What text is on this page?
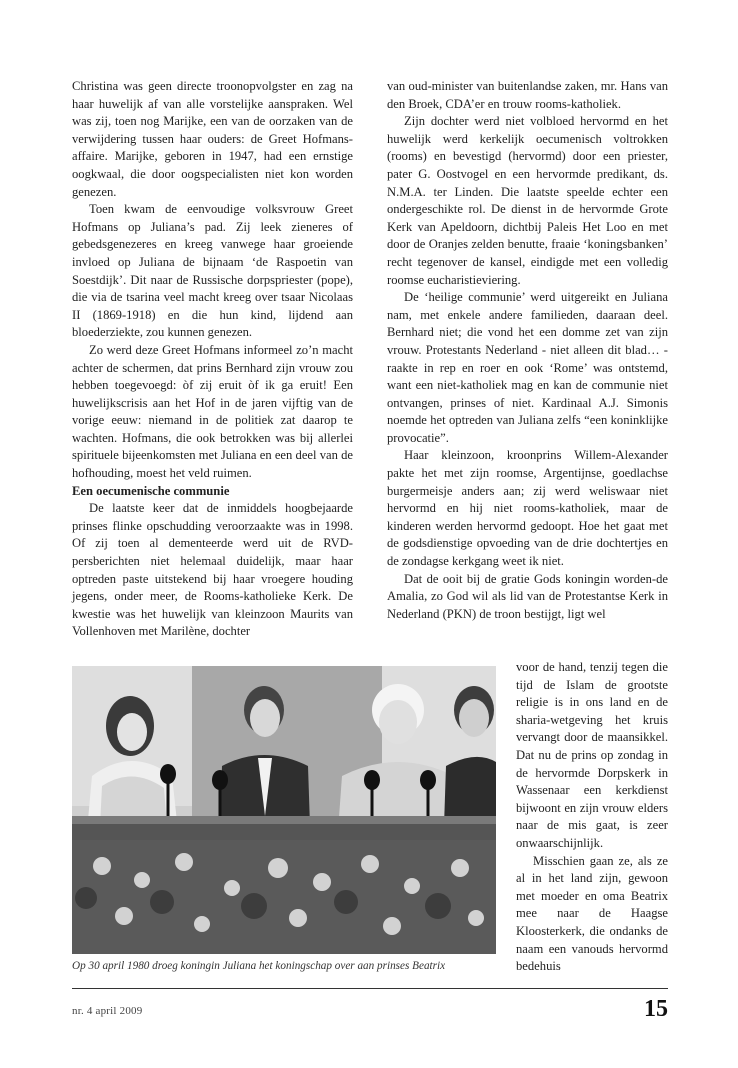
Christina was geen directe troonopvolgster en zag na haar huwelijk af van alle vorstelijke aanspraken. Wel was zij, toen nog Marijke, een van de oorzaken van de verwijdering tussen haar ouders: de Greet Hofmans-affaire. Marijke, geboren in 1947, had een ernstige oogkwaal, die door oogspecialisten niet kon worden genezen.

Toen kwam de eenvoudige volksvrouw Greet Hofmans op Juliana’s pad. Zij leek zieneres of gebedsgenezeres en kreeg vanwege haar groeiende invloed op Juliana de bijnaam ‘de Raspoetin van Soestdijk’. Dit naar de Russische dorpspriester (pope), die via de tsarina veel macht kreeg over tsaar Nicolaas II (1869-1918) en die hun kind, lijdend aan bloederziekte, zou kunnen genezen.

Zo werd deze Greet Hofmans informeel zo’n macht achter de schermen, dat prins Bernhard zijn vrouw zou hebben toegevoegd: òf zij eruit òf ik ga eruit! Een huwelijkscrisis aan het Hof in de jaren vijftig van de vorige eeuw: niemand in de politiek zat daarop te wachten. Hofmans, die ook betrokken was bij allerlei spirituele bijeenkomsten met Juliana en een deel van de hofhouding, moest het veld ruimen.

Een oecumenische communie

De laatste keer dat de inmiddels hoogbejaarde prinses flinke opschudding veroorzaakte was in 1998. Of zij toen al dementeerde werd uit de RVD-persberichten niet helemaal duidelijk, maar haar optreden paste uitstekend bij haar vroegere houding jegens, onder meer, de Rooms-katholieke Kerk. De kwestie was het huwelijk van kleinzoon Maurits van Vollenhoven met Marilène, dochter

van oud-minister van buitenlandse zaken, mr. Hans van den Broek, CDA’er en trouw rooms-katholiek.

Zijn dochter werd niet volbloed hervormd en het huwelijk werd kerkelijk oecumenisch voltrokken (rooms) en bevestigd (hervormd) door een priester, pater G. Oostvogel en een hervormde predikant, ds. N.M.A. ter Linden. Die laatste speelde echter een ondergeschikte rol. De dienst in de hervormde Grote Kerk van Apeldoorn, dichtbij Paleis Het Loo en met door de Oranjes zelden benutte, fraaie ‘koningsbanken’ recht tegenover de kansel, eindigde met een volledig roomse eucharistieviering.

De ‘heilige communie’ werd uitgereikt en Juliana nam, met enkele andere familieden, daaraan deel. Bernhard niet; die vond het een domme zet van zijn vrouw. Protestants Nederland - niet alleen dit blad… - raakte in rep en roer en ook ‘Rome’ was ontstemd, want een niet-katholiek mag en kan de communie niet ontvangen, prinses of niet. Kardinaal A.J. Simonis noemde het optreden van Juliana zelfs “een koninklijke provocatie”.

Haar kleinzoon, kroonprins Willem-Alexander pakte het met zijn roomse, Argentijnse, goedlachse burgermeisje anders aan; zij werd weliswaar niet hervormd en hij niet rooms-katholiek, maar de kinderen werden hervormd gedoopt. Hoe het gaat met de godsdienstige opvoeding van de drie dochtertjes en de zondagse kerkgang weet ik niet.

Dat de ooit bij de gratie Gods koningin worden-de Amalia, zo God wil als lid van de Protestantse Kerk in Nederland (PKN) de troon bestijgt, ligt wel

voor de hand, tenzij tegen die tijd de Islam de grootste religie is in ons land en de sharia-wetgeving het kruis vervangt door de maansikkel. Dat nu de prins op zondag in de hervormde Dorpskerk in Wassenaar een kerkdienst bijwoont en zijn vrouw elders naar de mis gaat, is zeer onwaarschijnlijk.

Misschien gaan ze, als ze al in het land zijn, gewoon met moeder en oma Beatrix mee naar de Haagse Kloosterkerk, die ondanks de naam een vanouds hervormd bedehuis

Op 30 april 1980 droeg koningin Juliana het koningschap over aan prinses Beatrix
nr. 4 april 2009	15
